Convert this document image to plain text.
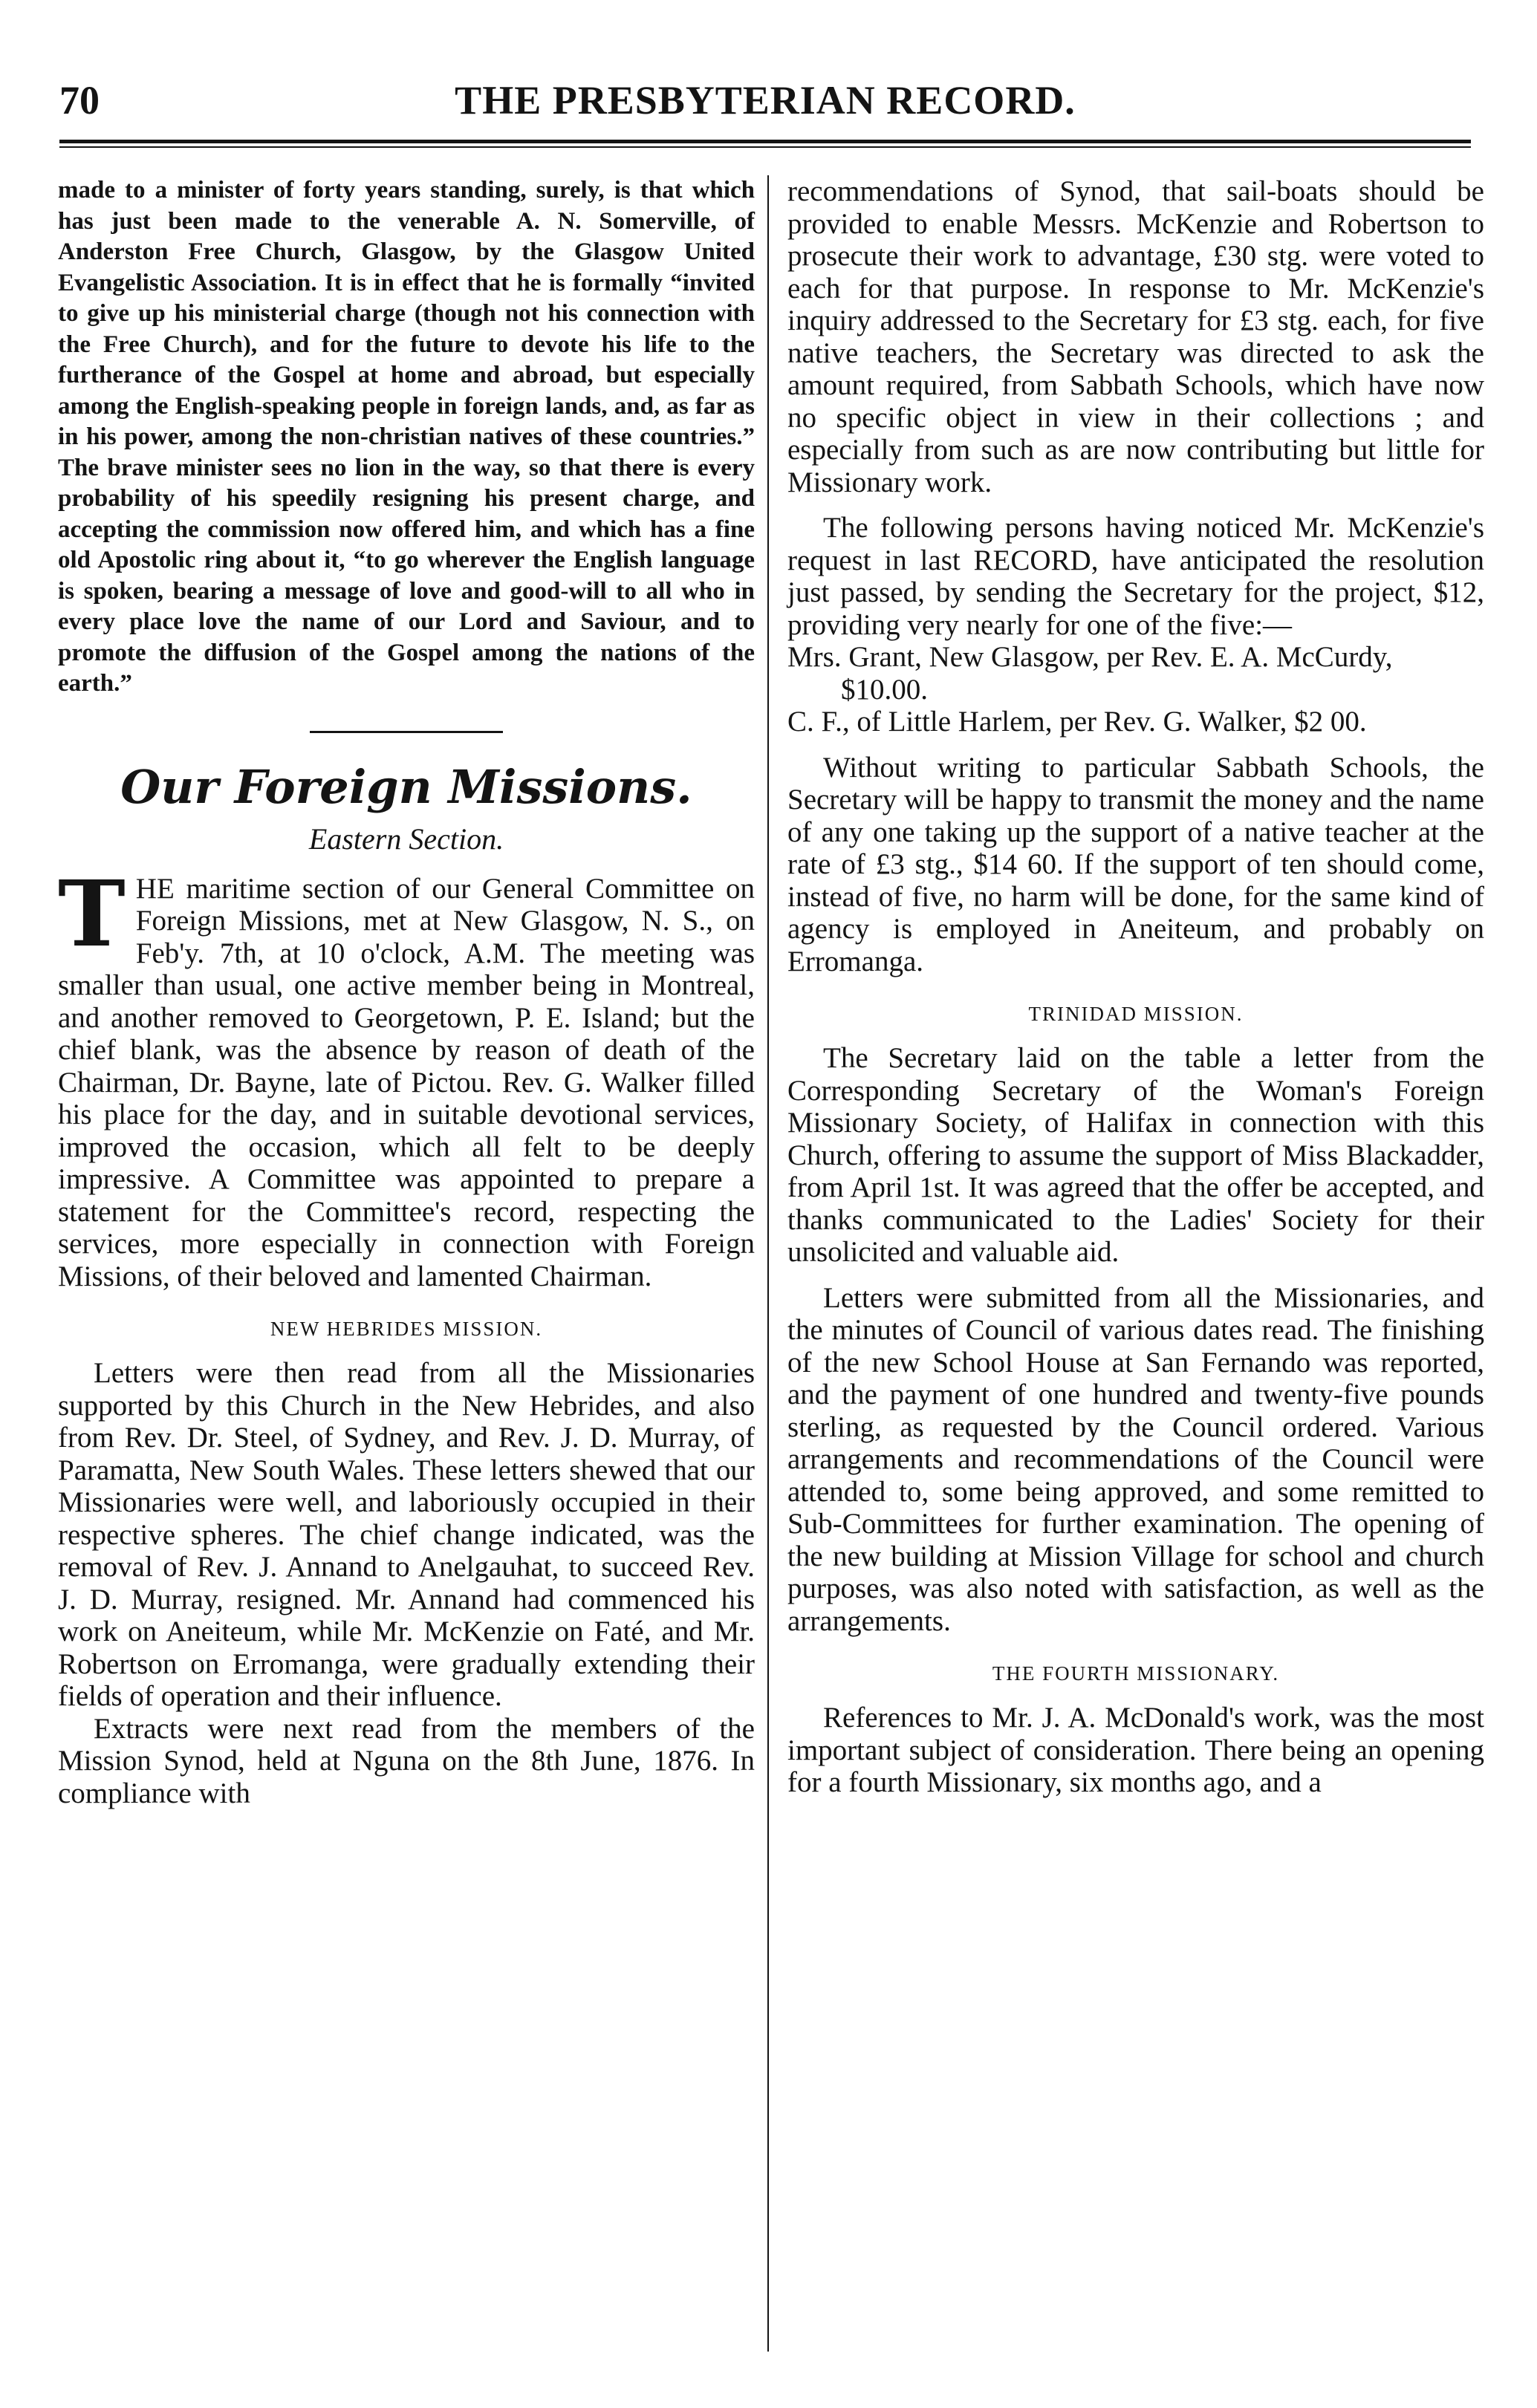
70	THE PRESBYTERIAN RECORD.

made to a minister of forty years standing, surely, is that which has just been made to the venerable A. N. Somerville, of Anderston Free Church, Glasgow, by the Glasgow United Evangelistic Association. It is in effect that he is formally “invited to give up his ministerial charge (though not his connection with the Free Church), and for the future to devote his life to the furtherance of the Gospel at home and abroad, but especially among the English-speaking people in foreign lands, and, as far as in his power, among the non-christian natives of these countries.” The brave minister sees no lion in the way, so that there is every probability of his speedily resigning his present charge, and accepting the commission now offered him, and which has a fine old Apostolic ring about it, “to go wherever the English language is spoken, bearing a message of love and good-will to all who in every place love the name of our Lord and Saviour, and to promote the diffusion of the Gospel among the nations of the earth.”

Our Foreign Missions.
Eastern Section.

THE maritime section of our General Committee on Foreign Missions, met at New Glasgow, N. S., on Feb'y. 7th, at 10 o'clock, A.M. The meeting was smaller than usual, one active member being in Montreal, and another removed to Georgetown, P. E. Island; but the chief blank, was the absence by reason of death of the Chairman, Dr. Bayne, late of Pictou. Rev. G. Walker filled his place for the day, and in suitable devotional services, improved the occasion, which all felt to be deeply impressive. A Committee was appointed to prepare a statement for the Committee's record, respecting the services, more especially in connection with Foreign Missions, of their beloved and lamented Chairman.

NEW HEBRIDES MISSION.

Letters were then read from all the Missionaries supported by this Church in the New Hebrides, and also from Rev. Dr. Steel, of Sydney, and Rev. J. D. Murray, of Paramatta, New South Wales. These letters shewed that our Missionaries were well, and laboriously occupied in their respective spheres. The chief change indicated, was the removal of Rev. J. Annand to Anelgauhat, to succeed Rev. J. D. Murray, resigned. Mr. Annand had commenced his work on Aneiteum, while Mr. McKenzie on Faté, and Mr. Robertson on Erromanga, were gradually extending their fields of operation and their influence.

Extracts were next read from the members of the Mission Synod, held at Nguna on the 8th June, 1876. In compliance with

recommendations of Synod, that sail-boats should be provided to enable Messrs. McKenzie and Robertson to prosecute their work to advantage, £30 stg. were voted to each for that purpose. In response to Mr. McKenzie's inquiry addressed to the Secretary for £3 stg. each, for five native teachers, the Secretary was directed to ask the amount required, from Sabbath Schools, which have now no specific object in view in their collections ; and especially from such as are now contributing but little for Missionary work.

The following persons having noticed Mr. McKenzie's request in last RECORD, have anticipated the resolution just passed, by sending the Secretary for the project, $12, providing very nearly for one of the five:—

Mrs. Grant, New Glasgow, per Rev. E. A. McCurdy, $10.00.

C. F., of Little Harlem, per Rev. G. Walker, $2 00.

Without writing to particular Sabbath Schools, the Secretary will be happy to transmit the money and the name of any one taking up the support of a native teacher at the rate of £3 stg., $14 60. If the support of ten should come, instead of five, no harm will be done, for the same kind of agency is employed in Aneiteum, and probably on Erromanga.

TRINIDAD MISSION.

The Secretary laid on the table a letter from the Corresponding Secretary of the Woman's Foreign Missionary Society, of Halifax in connection with this Church, offering to assume the support of Miss Blackadder, from April 1st. It was agreed that the offer be accepted, and thanks communicated to the Ladies' Society for their unsolicited and valuable aid.

Letters were submitted from all the Missionaries, and the minutes of Council of various dates read. The finishing of the new School House at San Fernando was reported, and the payment of one hundred and twenty-five pounds sterling, as requested by the Council ordered. Various arrangements and recommendations of the Council were attended to, some being approved, and some remitted to Sub-Committees for further examination. The opening of the new building at Mission Village for school and church purposes, was also noted with satisfaction, as well as the arrangements.

THE FOURTH MISSIONARY.

References to Mr. J. A. McDonald's work, was the most important subject of consideration. There being an opening for a fourth Missionary, six months ago, and a
